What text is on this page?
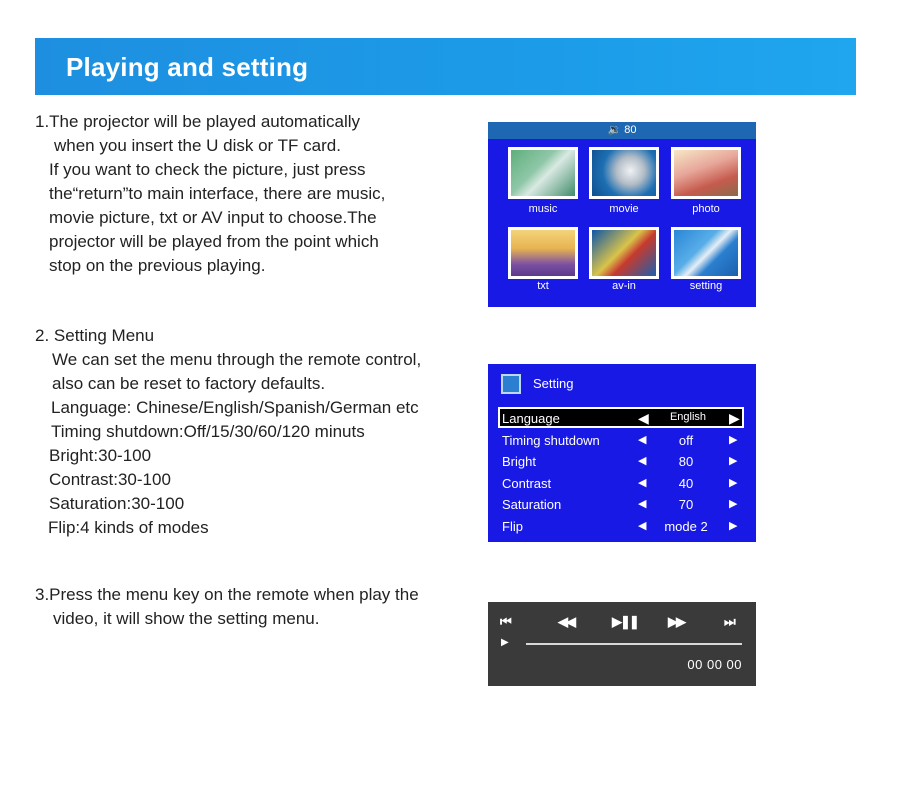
Playing and setting
1.The projector will be played automatically
when you insert the U disk or TF card.
If you want to check the picture, just press
the“return”to main interface, there are music,
movie picture, txt or AV input to choose.The
projector will be played from the point which
stop on the previous playing.
2. Setting Menu
We can set the menu through the remote control,
also can be reset to factory defaults.
Language: Chinese/English/Spanish/German etc
Timing shutdown:Off/15/30/60/120 minuts
Bright:30-100
Contrast:30-100
Saturation:30-100
Flip:4 kinds of modes
3.Press the menu key on the remote when play the
video, it will show the setting menu.
🔉 80
music	movie	photo
txt	av-in	setting
Setting
Language	◀	English	▶
Timing shutdown	◀	off	▶
Bright	◀	80	▶
Contrast	◀	40	▶
Saturation	◀	70	▶
Flip	◀	mode 2	▶
⏮	◀◀	▶❚❚ ▶▶	⏭
▶
00 00 00
